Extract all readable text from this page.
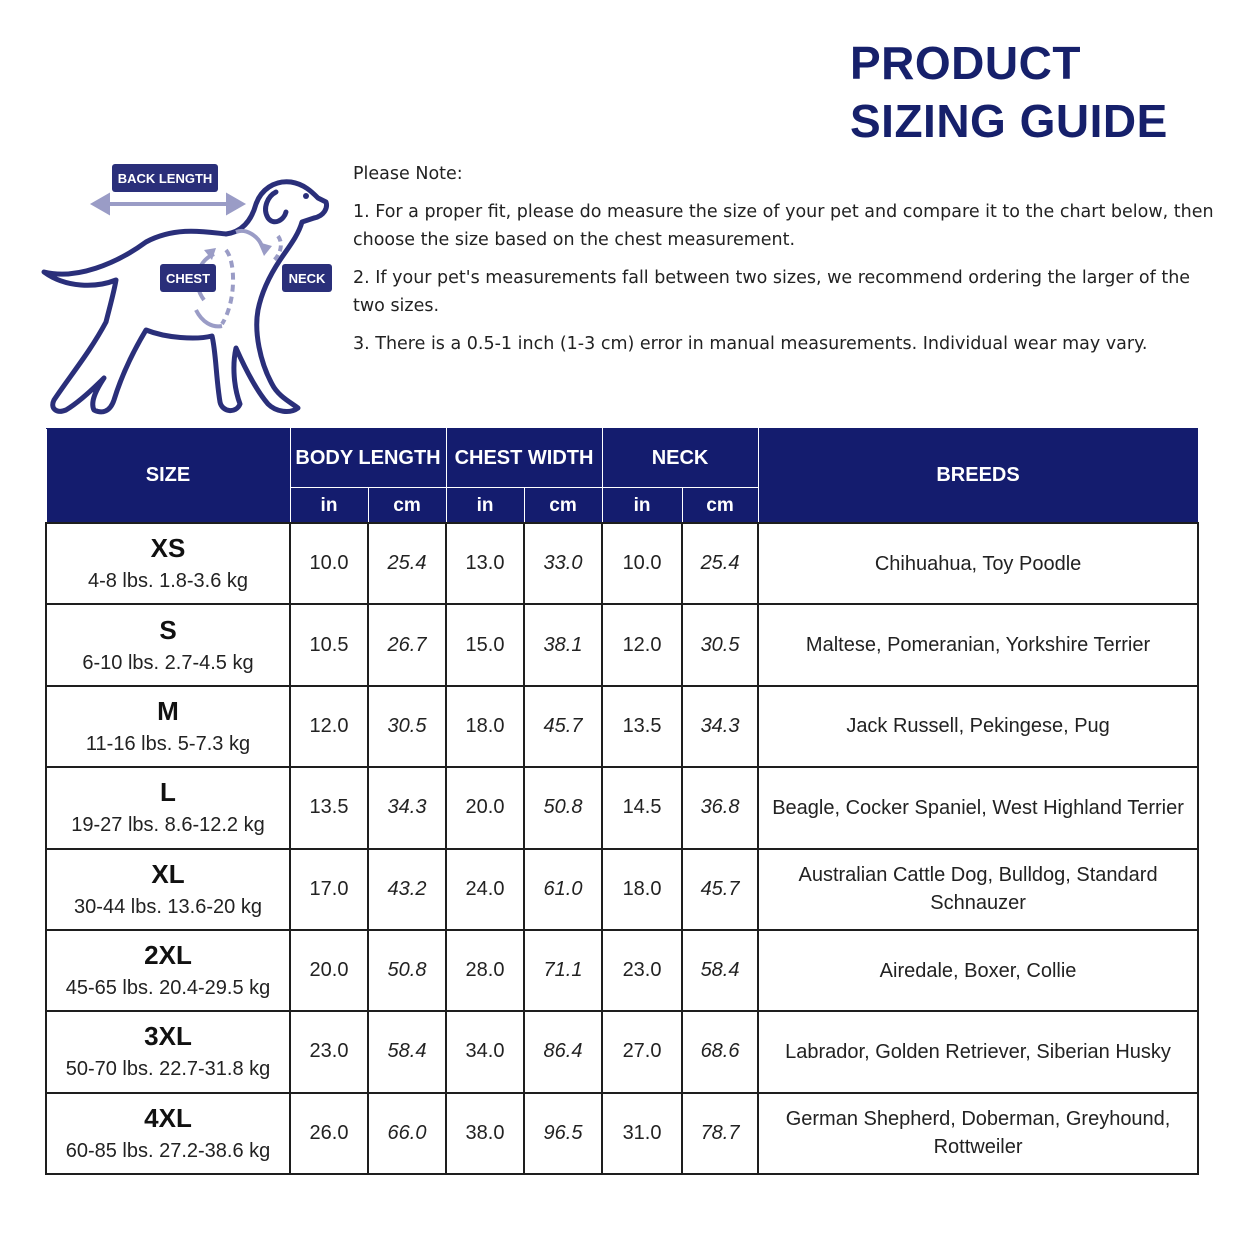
PRODUCT
SIZING GUIDE
BACK LENGTH
CHEST	NECK

Please Note:

1. For a proper fit, please do measure the size of your pet and compare it to the chart below, then choose the size based on the chest measurement.

2. If your pet's measurements fall between two sizes, we recommend ordering the larger of the two sizes.

3. There is a 0.5-1 inch (1-3 cm) error in manual measurements. Individual wear may vary.

SIZE	BODY LENGTH		CHEST WIDTH		NECK		BREEDS
	in	cm	in	cm	in	cm	

XS
4-8 lbs. 1.8-3.6 kg	10.0	25.4	13.0	33.0	10.0	25.4	Chihuahua, Toy Poodle

S
6-10 lbs. 2.7-4.5 kg	10.5	26.7	15.0	38.1	12.0	30.5	Maltese, Pomeranian, Yorkshire Terrier

M
11-16 lbs. 5-7.3 kg	12.0	30.5	18.0	45.7	13.5	34.3	Jack Russell, Pekingese, Pug

L
19-27 lbs. 8.6-12.2 kg	13.5	34.3	20.0	50.8	14.5	36.8	Beagle, Cocker Spaniel, West Highland Terrier

XL
30-44 lbs. 13.6-20 kg	17.0	43.2	24.0	61.0	18.0	45.7	Australian Cattle Dog, Bulldog, Standard Schnauzer

2XL
45-65 lbs. 20.4-29.5 kg	20.0	50.8	28.0	71.1	23.0	58.4	Airedale, Boxer, Collie

3XL
50-70 lbs. 22.7-31.8 kg	23.0	58.4	34.0	86.4	27.0	68.6	Labrador, Golden Retriever, Siberian Husky

4XL
60-85 lbs. 27.2-38.6 kg	26.0	66.0	38.0	96.5	31.0	78.7	German Shepherd, Doberman, Greyhound, Rottweiler
